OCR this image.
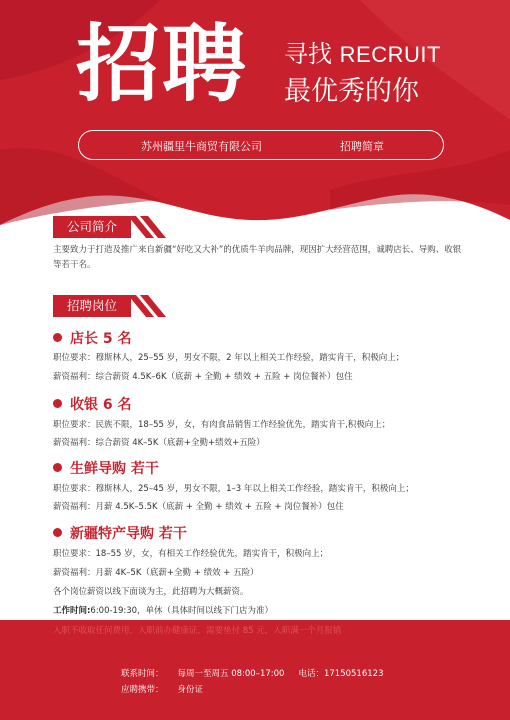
招聘 寻找 RECRUIT
最优秀的你
苏州疆里牛商贸有限公司	招聘简章
公司简介
主要致力于打造及推广来自新疆“好吃又大补”的优质牛羊肉品牌，现因扩大经营范围，诚聘店长、导购、收银等若干名。
招聘岗位
店长 5 名
职位要求：穆斯林人，25–55 岁，男女不限，2 年以上相关工作经验，踏实肯干，积极向上；
薪资福利：综合薪资 4.5K–6K（底薪 + 全勤 + 绩效 + 五险 + 岗位餐补）包住
收银 6 名
职位要求：民族不限，18–55 岁，女，有肉食品销售工作经验优先，踏实肯干,积极向上；
薪资福利：综合薪资 4K–5K（底薪+全勤+绩效+五险）
生鲜导购 若干
职位要求：穆斯林人，25–45 岁，男女不限，1–3 年以上相关工作经验，踏实肯干，积极向上；
薪资福利：月薪 4.5K–5.5K（底薪 + 全勤 + 绩效 + 五险 + 岗位餐补）包住
新疆特产导购 若干
职位要求：18–55 岁，女，有相关工作经验优先，踏实肯干，积极向上；
薪资福利：月薪 4K–5K（底薪+全勤 + 绩效 + 五险）
各个岗位薪资以线下面谈为主，此招聘为大概薪资。
工作时间:6:00-19:30，单休（具体时间以线下门店为准）
入职不收取任何费用，入职前办健康证，需要垫付 85 元，入职满一个月报销
联系时间： 每周一至周五 08:00–17:00 电话：17150516123
应聘携带： 身份证
